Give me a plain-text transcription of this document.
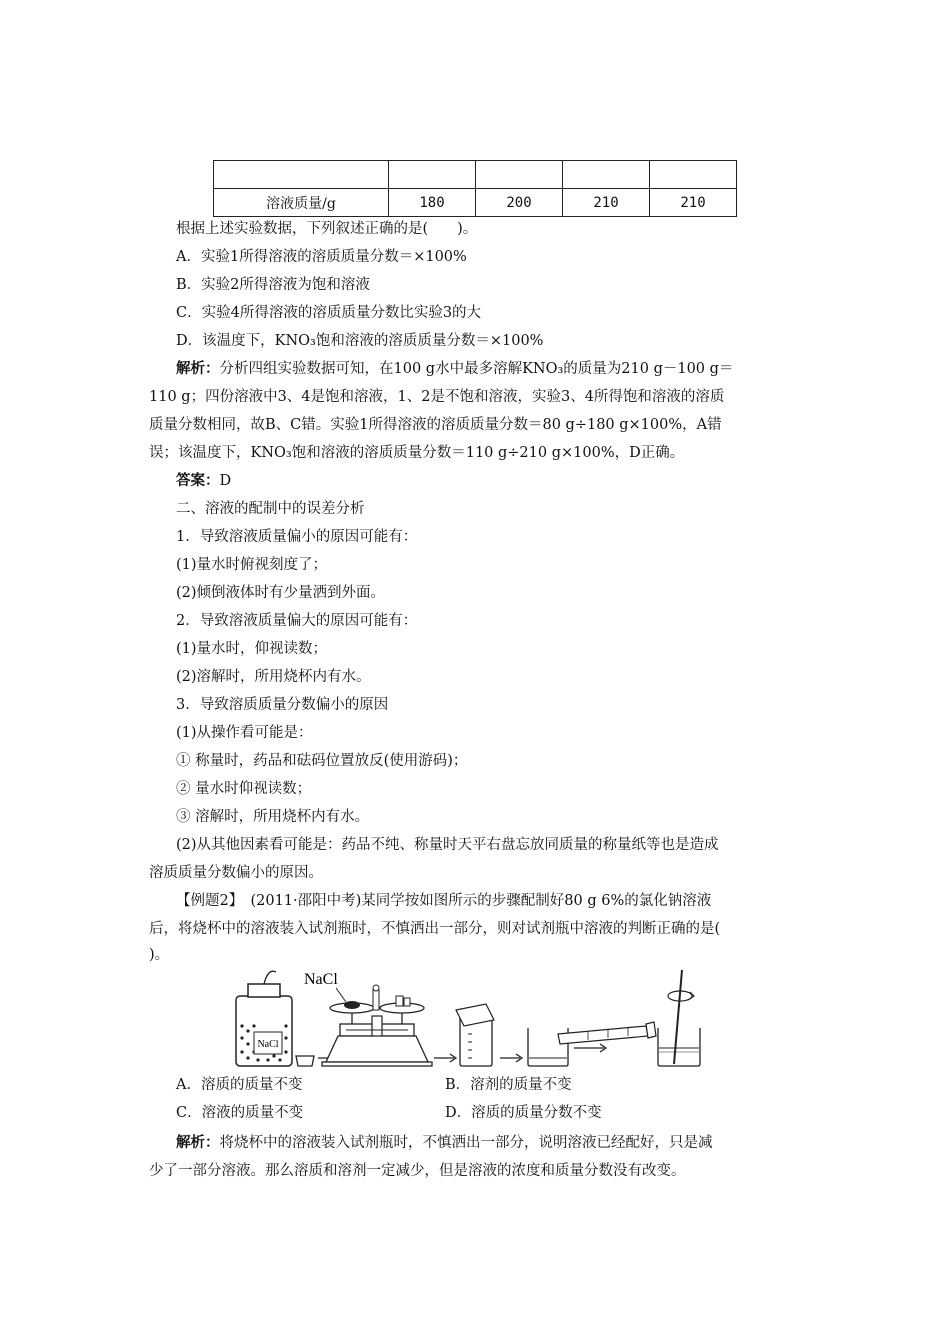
溶液质量/g	180	200	210	210
根据上述实验数据，下列叙述正确的是(　　)。
A．实验1所得溶液的溶质质量分数＝×100%
B．实验2所得溶液为饱和溶液
C．实验4所得溶液的溶质质量分数比实验3的大
D．该温度下，KNO₃饱和溶液的溶质质量分数＝×100%
解析：分析四组实验数据可知，在100 g水中最多溶解KNO₃的质量为210 g－100 g＝
110 g；四份溶液中3、4是饱和溶液，1、2是不饱和溶液，实验3、4所得饱和溶液的溶质
质量分数相同，故B、C错。实验1所得溶液的溶质质量分数＝80 g÷180 g×100%，A错
误；该温度下，KNO₃饱和溶液的溶质质量分数＝110 g÷210 g×100%，D正确。
答案：D
二、溶液的配制中的误差分析
1．导致溶液质量偏小的原因可能有：
(1)量水时俯视刻度了；
(2)倾倒液体时有少量洒到外面。
2．导致溶液质量偏大的原因可能有：
(1)量水时，仰视读数；
(2)溶解时，所用烧杯内有水。
3．导致溶质质量分数偏小的原因
(1)从操作看可能是：
① 称量时，药品和砝码位置放反(使用游码)；
② 量水时仰视读数；
③ 溶解时，所用烧杯内有水。
(2)从其他因素看可能是：药品不纯、称量时天平右盘忘放同质量的称量纸等也是造成
溶质质量分数偏小的原因。
【例题2】　(2011·邵阳中考)某同学按如图所示的步骤配制好80 g 6%的氯化钠溶液
后，将烧杯中的溶液装入试剂瓶时，不慎洒出一部分，则对试剂瓶中溶液的判断正确的是(
)。
NaCl
NaCl
A．溶质的质量不变	B．溶剂的质量不变
C．溶液的质量不变	D．溶质的质量分数不变
解析：将烧杯中的溶液装入试剂瓶时，不慎洒出一部分，说明溶液已经配好，只是减
少了一部分溶液。那么溶质和溶剂一定减少，但是溶液的浓度和质量分数没有改变。
